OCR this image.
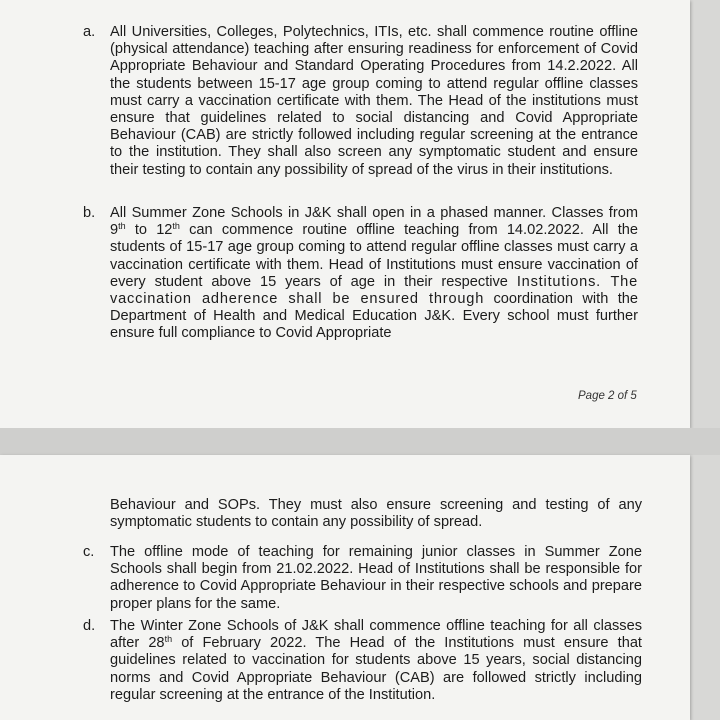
a. All Universities, Colleges, Polytechnics, ITIs, etc. shall commence routine offline (physical attendance) teaching after ensuring readiness for enforcement of Covid Appropriate Behaviour and Standard Operating Procedures from 14.2.2022. All the students between 15-17 age group coming to attend regular offline classes must carry a vaccination certificate with them. The Head of the institutions must ensure that guidelines related to social distancing and Covid Appropriate Behaviour (CAB) are strictly followed including regular screening at the entrance to the institution. They shall also screen any symptomatic student and ensure their testing to contain any possibility of spread of the virus in their institutions.
b. All Summer Zone Schools in J&K shall open in a phased manner. Classes from 9th to 12th can commence routine offline teaching from 14.02.2022. All the students of 15-17 age group coming to attend regular offline classes must carry a vaccination certificate with them. Head of Institutions must ensure vaccination of every student above 15 years of age in their respective Institutions. The vaccination adherence shall be ensured through coordination with the Department of Health and Medical Education J&K. Every school must further ensure full compliance to Covid Appropriate
Page 2 of 5
Behaviour and SOPs. They must also ensure screening and testing of any symptomatic students to contain any possibility of spread.
c. The offline mode of teaching for remaining junior classes in Summer Zone Schools shall begin from 21.02.2022. Head of Institutions shall be responsible for adherence to Covid Appropriate Behaviour in their respective schools and prepare proper plans for the same.
d. The Winter Zone Schools of J&K shall commence offline teaching for all classes after 28th of February 2022. The Head of the Institutions must ensure that guidelines related to vaccination for students above 15 years, social distancing norms and Covid Appropriate Behaviour (CAB) are followed strictly including regular screening at the entrance of the Institution.
